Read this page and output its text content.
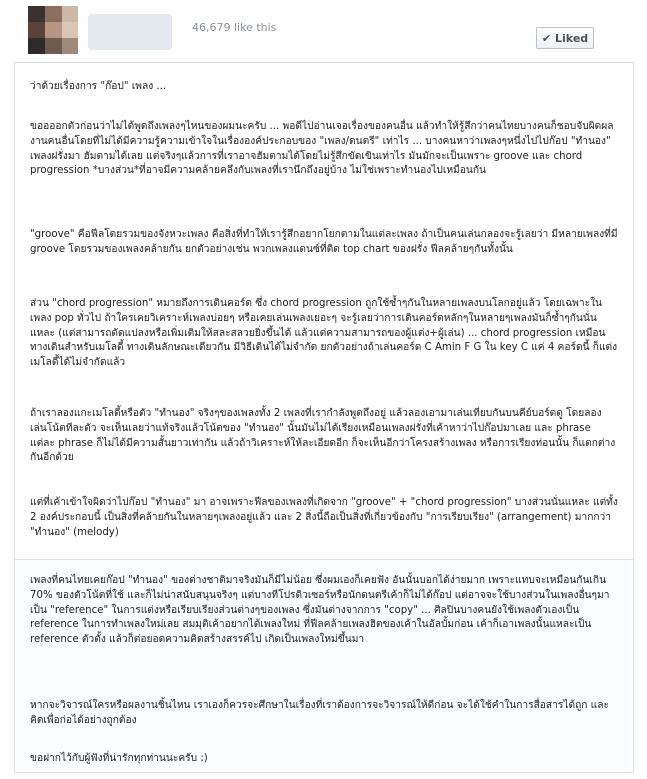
46,679 like this
✔ Liked

ว่าด้วยเรื่องการ "ก๊อป" เพลง ...

ขออออกตัวก่อนว่าไม่ได้พูดถึงเพลงๆไหนของผมนะครับ ... พอดีไปอ่านเจอเรื่องของคนอื่น แล้วทำให้รู้สึกว่าคนไทยบางคนก็ชอบจับผิดผลงานคนอื่นโดยที่ไม่ได้มีความรู้ความเข้าใจในเรื่ององค์ประกอบของ "เพลง/ดนตรี" เท่าไร ... บางคนหาว่าเพลงๆหนึ่งไปไปก๊อป "ทำนอง" เพลงฝรั่งมา ฮัมตามได้เลย แต่จริงๆแล้วการที่เราอาจฮัมตามได้โดยไม่รู้สึกขัดเขินเท่าไร มันมักจะเป็นเพราะ groove และ chord progression *บางส่วน*ที่อาจมีความคล้ายคลึงกับเพลงที่เรานึกถึงอยู่บ้าง ไม่ใช่เพราะทำนองไปเหมือนกัน

"groove" คือฟีลโดยรวมของจังหวะเพลง คือสิ่งที่ทำให้เรารู้สึกอยากโยกตามในแต่ละเพลง ถ้าเป็นคนเล่นกลองจะรู้เลยว่า มีหลายเพลงที่มี groove โดยรวมของเพลงคล้ายกัน ยกตัวอย่างเช่น พวกเพลงแดนซ์ที่ติด top chart ของฝรั่ง ฟีลคล้ายๆกันทั้งนั้น

ส่วน "chord progression" หมายถึงการเดินคอร์ด ซึ่ง chord progression ถูกใช้ซ้ำๆกันในหลายเพลงบนโลกอยู่แล้ว โดยเฉพาะในเพลง pop ทั่วไป ถ้าใครเคยวิเคราะห์เพลงบ่อยๆ หรือเคยเล่นเพลงเยอะๆ จะรู้เลยว่าการเดินคอร์ดหลักๆในหลายๆเพลงมันก็ซ้ำๆกันนั่นแหละ (แต่สามารถดัดแปลงหรือเพิ่มเติมให้สละสลวยยิ่งขึ้นได้ แล้วแต่ความสามารถของผู้แต่ง+ผู้เล่น) ... chord progression เหมือนทางเดินสำหรับเมโลดี้ ทางเดินลักษณะเดียวกัน มีวิธีเดินได้ไม่จำกัด ยกตัวอย่างถ้าเล่นคอร์ด C Amin F G ใน key C แค่ 4 คอร์ดนี้ ก็แต่งเมโลดี้ได้ไม่จำกัดแล้ว

ถ้าเราลองแกะเมโลดี้หรือตัว "ทำนอง" จริงๆของเพลงทั้ง 2 เพลงที่เรากำลังพูดถึงอยู่ แล้วลองเอามาเล่นเทียบกันบนคีย์บอร์ดดู โดยลองเล่นโน้ตทีละตัว จะเห็นเลยว่าแท้จริงแล้วโน้ตของ "ทำนอง" นั้นมันไม่ได้เรียงเหมือนเพลงฝรั่งที่เค้าหาว่าไปก๊อปมาเลย และ phrase แต่ละ phrase ก็ไม่ได้มีความสั้นยาวเท่ากัน แล้วถ้าวิเคราะห์ให้ละเอียดอีก ก็จะเห็นอีกว่าโครงสร้างเพลง หรือการเรียงท่อนนั้น ก็แตกต่างกันอีกด้วย

แต่ที่เค้าเข้าใจผิดว่าไปก๊อป "ทำนอง" มา อาจเพราะฟีลของเพลงที่เกิดจาก "groove" + "chord progression" บางส่วนนั่นแหละ แต่ทั้ง 2 องค์ประกอบนี้ เป็นสิ่งที่คล้ายกันในหลายๆเพลงอยู่แล้ว และ 2 สิ่งนี้ถือเป็นสิ่งที่เกี่ยวข้องกับ "การเรียบเรียง" (arrangement) มากกว่า "ทำนอง" (melody)

เพลงที่คนไทยเคยก๊อป "ทำนอง" ของต่างชาติมาจริงมันก็มีไม่น้อย ซึ่งผมเองก็เคยฟัง อันนั้นบอกได้ง่ายมาก เพราะแทบจะเหมือนกันเกิน 70% ของตัวโน้ตที่ใช้ และก็ไม่น่าสนับสนุนจริงๆ แต่บางทีโปรดิวเซอร์หรือนักดนตรีเค้าก็ไม่ได้ก๊อป แต่อาจจะใช้บางส่วนในเพลงอื่นๆมาเป็น "reference" ในการแต่งหรือเรียบเรียงส่วนต่างๆของเพลง ซึ่งมันต่างจากการ "copy" ... ศิลปินบางคนยังใช้เพลงตัวเองเป็น reference ในการทำเพลงใหม่เลย สมมุติเค้าอยากได้เพลงใหม่ ที่ฟีลคล้ายเพลงฮิตของเค้าในอัลบั้มก่อน เค้าก็เอาเพลงนั้นแหละเป็น reference ตัวตั้ง แล้วก็ต่อยอดความคิดสร้างสรรค์ไป เกิดเป็นเพลงใหม่ขึ้นมา

หากจะวิจารณ์ใครหรือผลงานชิ้นไหน เราเองก็ควรจะศึกษาในเรื่องที่เราต้องการจะวิจารณ์ให้ดีก่อน จะได้ใช้คำในการสื่อสารได้ถูก และคิดเพื่อก่อได้อย่างถูกต้อง

ขอฝากไว้กับผู้ฟังที่น่ารักทุกท่านนะครับ :)
